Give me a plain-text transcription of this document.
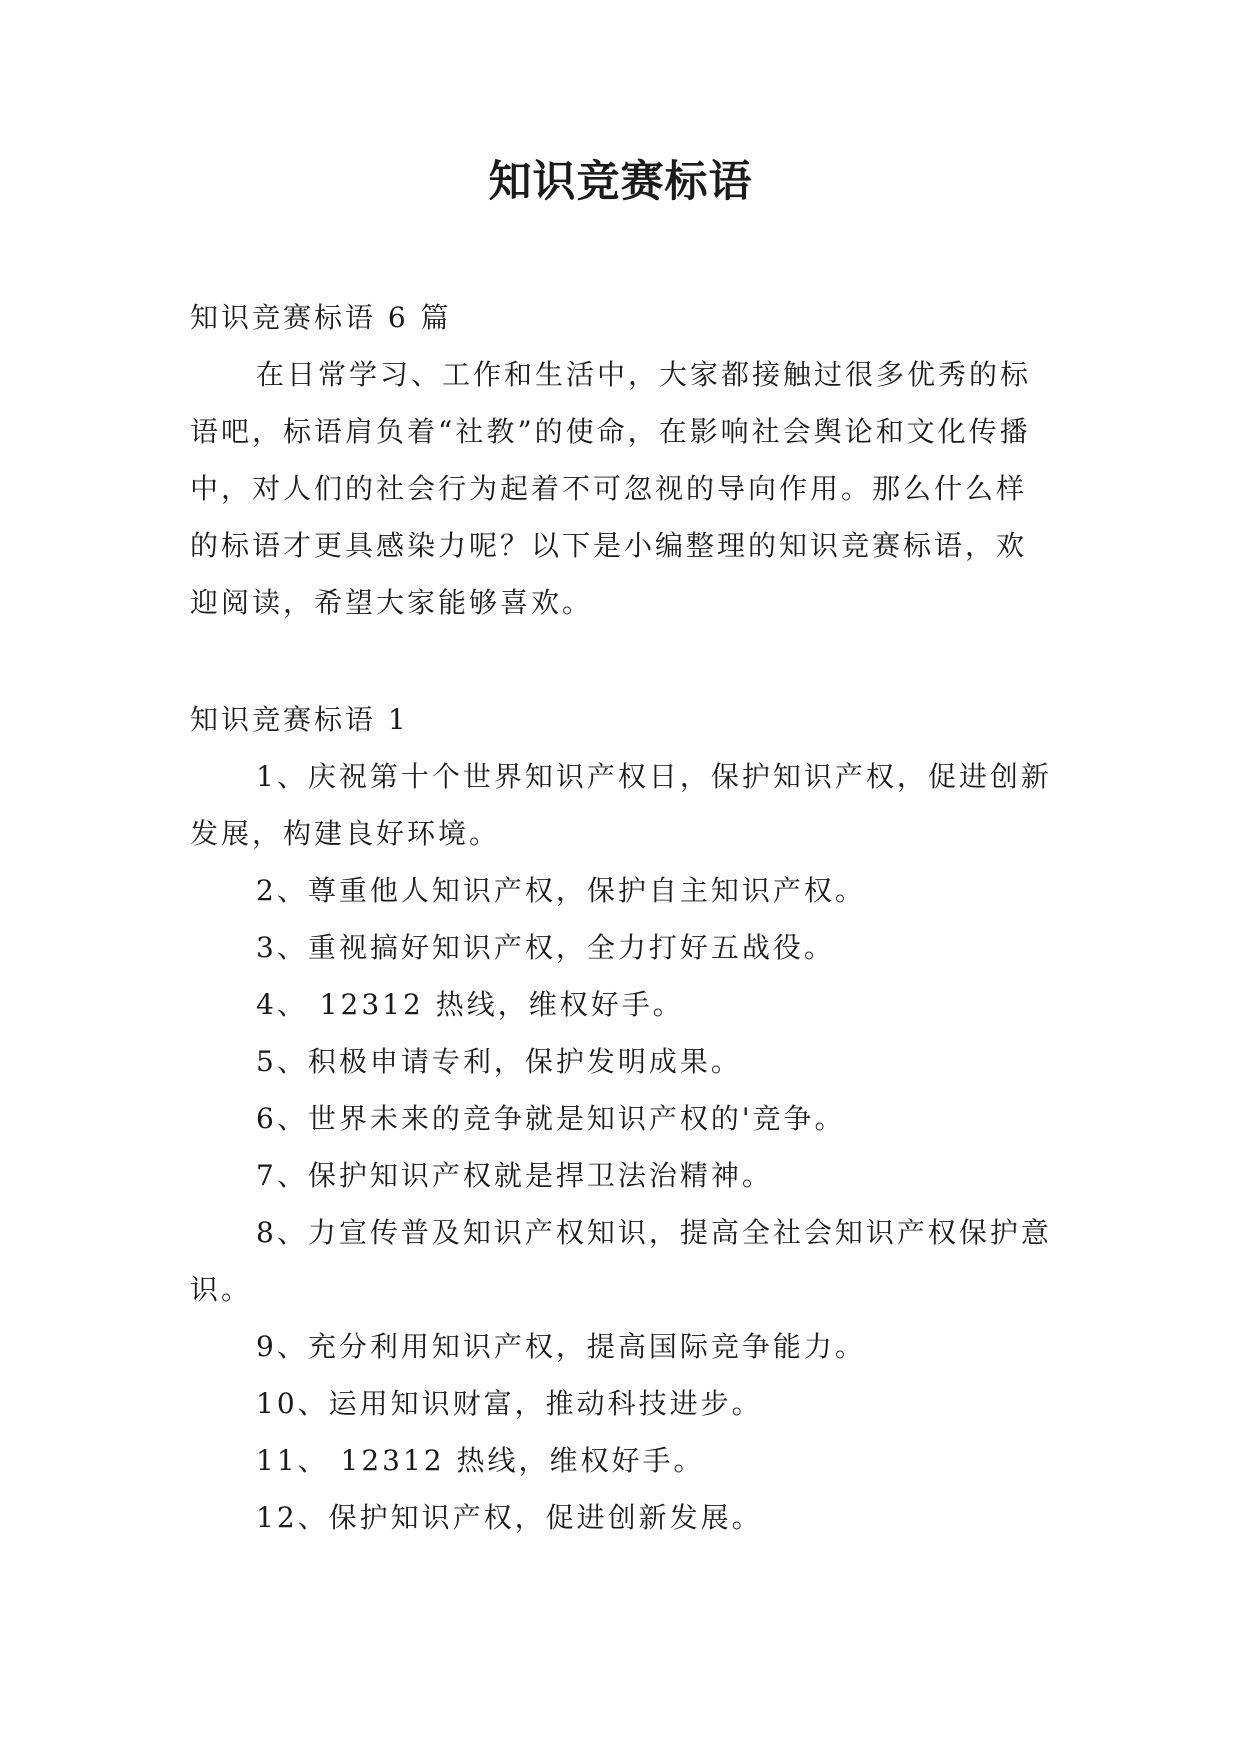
知识竞赛标语
知识竞赛标语 6 篇
在日常学习、工作和生活中，大家都接触过很多优秀的标语吧，标语肩负着“社教”的使命，在影响社会舆论和文化传播中，对人们的社会行为起着不可忽视的导向作用。那么什么样的标语才更具感染力呢？以下是小编整理的知识竞赛标语，欢迎阅读，希望大家能够喜欢。
知识竞赛标语 1
1、庆祝第十个世界知识产权日，保护知识产权，促进创新发展，构建良好环境。
2、尊重他人知识产权，保护自主知识产权。
3、重视搞好知识产权，全力打好五战役。
4、 12312 热线，维权好手。
5、积极申请专利，保护发明成果。
6、世界未来的竞争就是知识产权的'竞争。
7、保护知识产权就是捍卫法治精神。
8、力宣传普及知识产权知识，提高全社会知识产权保护意识。
9、充分利用知识产权，提高国际竞争能力。
10、运用知识财富，推动科技进步。
11、 12312 热线，维权好手。
12、保护知识产权，促进创新发展。
